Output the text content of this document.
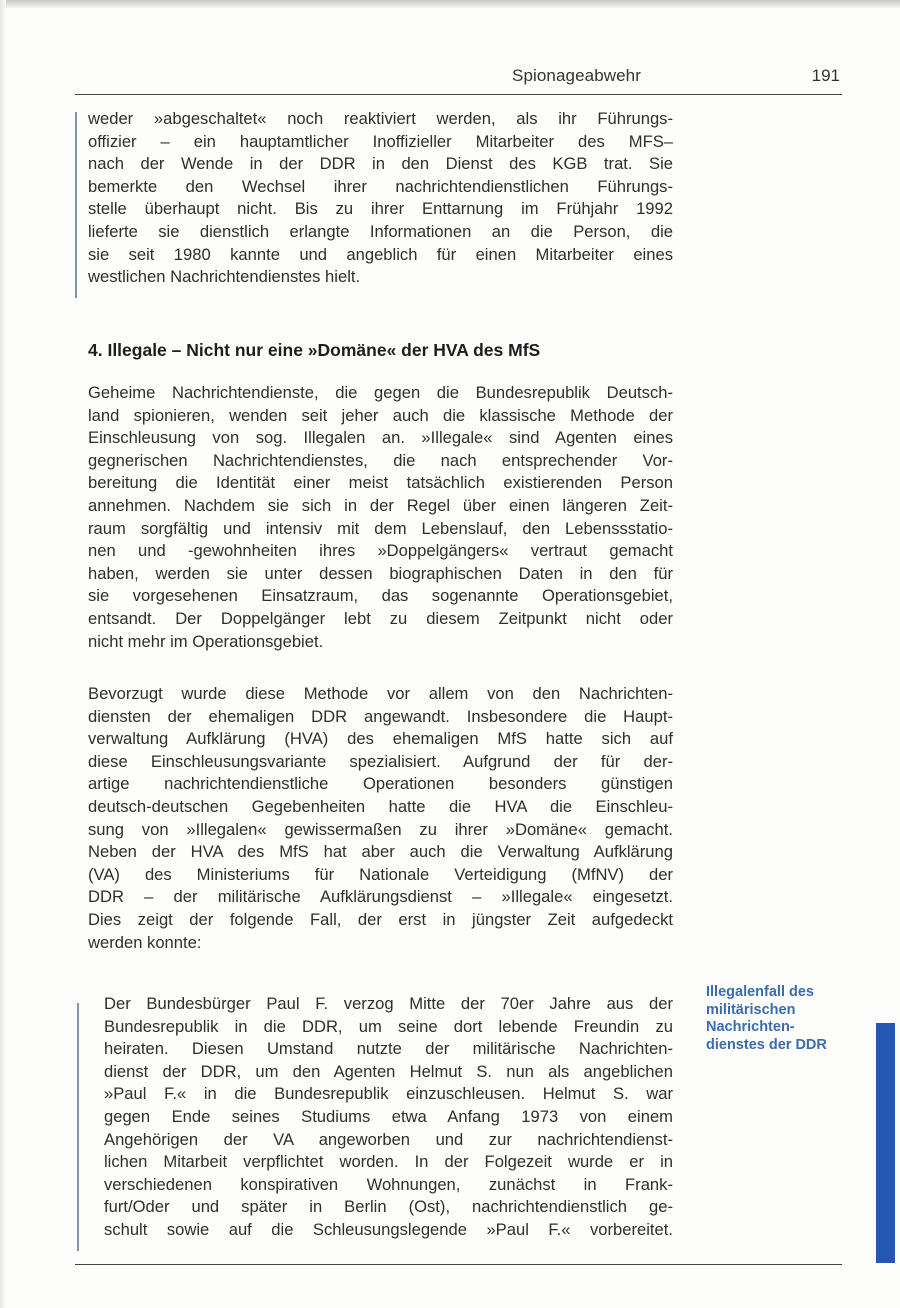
Spionageabwehr	191
weder »abgeschaltet« noch reaktiviert werden, als ihr Führungs-
offizier – ein hauptamtlicher Inoffizieller Mitarbeiter des MFS–
nach der Wende in der DDR in den Dienst des KGB trat. Sie
bemerkte den Wechsel ihrer nachrichtendienstlichen Führungs-
stelle überhaupt nicht. Bis zu ihrer Enttarnung im Frühjahr 1992
lieferte sie dienstlich erlangte Informationen an die Person, die
sie seit 1980 kannte und angeblich für einen Mitarbeiter eines
westlichen Nachrichtendienstes hielt.
4. Illegale – Nicht nur eine »Domäne« der HVA des MfS
Geheime Nachrichtendienste, die gegen die Bundesrepublik Deutsch-
land spionieren, wenden seit jeher auch die klassische Methode der
Einschleusung von sog. Illegalen an. »Illegale« sind Agenten eines
gegnerischen Nachrichtendienstes, die nach entsprechender Vor-
bereitung die Identität einer meist tatsächlich existierenden Person
annehmen. Nachdem sie sich in der Regel über einen längeren Zeit-
raum sorgfältig und intensiv mit dem Lebenslauf, den Lebenssstatio-
nen und -gewohnheiten ihres »Doppelgängers« vertraut gemacht
haben, werden sie unter dessen biographischen Daten in den für
sie vorgesehenen Einsatzraum, das sogenannte Operationsgebiet,
entsandt. Der Doppelgänger lebt zu diesem Zeitpunkt nicht oder
nicht mehr im Operationsgebiet.
Bevorzugt wurde diese Methode vor allem von den Nachrichten-
diensten der ehemaligen DDR angewandt. Insbesondere die Haupt-
verwaltung Aufklärung (HVA) des ehemaligen MfS hatte sich auf
diese Einschleusungsvariante spezialisiert. Aufgrund der für der-
artige nachrichtendienstliche Operationen besonders günstigen
deutsch-deutschen Gegebenheiten hatte die HVA die Einschleu-
sung von »Illegalen« gewissermaßen zu ihrer »Domäne« gemacht.
Neben der HVA des MfS hat aber auch die Verwaltung Aufklärung
(VA) des Ministeriums für Nationale Verteidigung (MfNV) der
DDR – der militärische Aufklärungsdienst – »Illegale« eingesetzt.
Dies zeigt der folgende Fall, der erst in jüngster Zeit aufgedeckt
werden konnte:
Der Bundesbürger Paul F. verzog Mitte der 70er Jahre aus der
Bundesrepublik in die DDR, um seine dort lebende Freundin zu
heiraten. Diesen Umstand nutzte der militärische Nachrichten-
dienst der DDR, um den Agenten Helmut S. nun als angeblichen
»Paul F.« in die Bundesrepublik einzuschleusen. Helmut S. war
gegen Ende seines Studiums etwa Anfang 1973 von einem
Angehörigen der VA angeworben und zur nachrichtendienst-
lichen Mitarbeit verpflichtet worden. In der Folgezeit wurde er in
verschiedenen konspirativen Wohnungen, zunächst in Frank-
furt/Oder und später in Berlin (Ost), nachrichtendienstlich ge-
schult sowie auf die Schleusungslegende »Paul F.« vorbereitet.
Illegalenfall des
militärischen
Nachrichten-
dienstes der DDR
